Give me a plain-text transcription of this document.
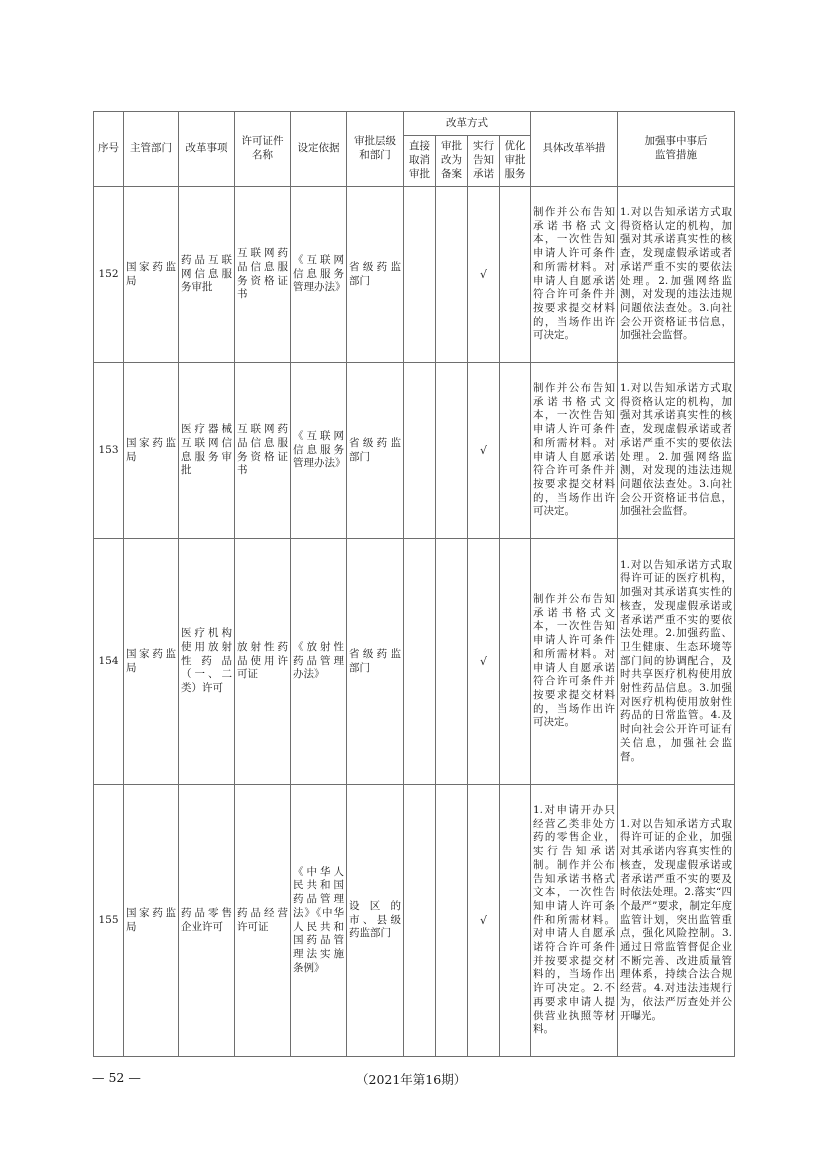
序号	主管部门	改革事项	许可证件名称	设定依据	审批层级和部门	改革方式				具体改革举措	加强事中事后监管措施
						直接取消审批	审批改为备案	实行告知承诺	优化审批服务		
152	国家药监局	药品互联网信息服务审批	互联网药品信息服务资格证书	《互联网信息服务管理办法》	省级药监部门			√		制作并公布告知承诺书格式文本，一次性告知申请人许可条件和所需材料。对申请人自愿承诺符合许可条件并按要求提交材料的，当场作出许可决定。	1.对以告知承诺方式取得资格认定的机构，加强对其承诺真实性的核查，发现虚假承诺或者承诺严重不实的要依法处理。2.加强网络监测，对发现的违法违规问题依法查处。3.向社会公开资格证书信息，加强社会监督。
153	国家药监局	医疗器械互联网信息服务审批	互联网药品信息服务资格证书	《互联网信息服务管理办法》	省级药监部门			√		制作并公布告知承诺书格式文本，一次性告知申请人许可条件和所需材料。对申请人自愿承诺符合许可条件并按要求提交材料的，当场作出许可决定。	1.对以告知承诺方式取得资格认定的机构，加强对其承诺真实性的核查，发现虚假承诺或者承诺严重不实的要依法处理。2.加强网络监测，对发现的违法违规问题依法查处。3.向社会公开资格证书信息，加强社会监督。
154	国家药监局	医疗机构使用放射性药品（一、二类）许可	放射性药品使用许可证	《放射性药品管理办法》	省级药监部门			√		制作并公布告知承诺书格式文本，一次性告知申请人许可条件和所需材料。对申请人自愿承诺符合许可条件并按要求提交材料的，当场作出许可决定。	1.对以告知承诺方式取得许可证的医疗机构，加强对其承诺真实性的核查，发现虚假承诺或者承诺严重不实的要依法处理。2.加强药监、卫生健康、生态环境等部门间的协调配合，及时共享医疗机构使用放射性药品信息。3.加强对医疗机构使用放射性药品的日常监管。4.及时向社会公开许可证有关信息，加强社会监督。
155	国家药监局	药品零售企业许可	药品经营许可证	《中华人民共和国药品管理法》《中华人民共和国药品管理法实施条例》	设区的市、县级药监部门			√		1.对申请开办只经营乙类非处方药的零售企业，实行告知承诺制。制作并公布告知承诺书格式文本，一次性告知申请人许可条件和所需材料。对申请人自愿承诺符合许可条件并按要求提交材料的，当场作出许可决定。2.不再要求申请人提供营业执照等材料。	1.对以告知承诺方式取得许可证的企业，加强对其承诺内容真实性的核查，发现虚假承诺或者承诺严重不实的要及时依法处理。2.落实“四个最严”要求，制定年度监管计划，突出监管重点，强化风险控制。3.通过日常监管督促企业不断完善、改进质量管理体系，持续合法合规经营。4.对违法违规行为，依法严厉查处并公开曝光。
— 52 —	（2021年第16期）
